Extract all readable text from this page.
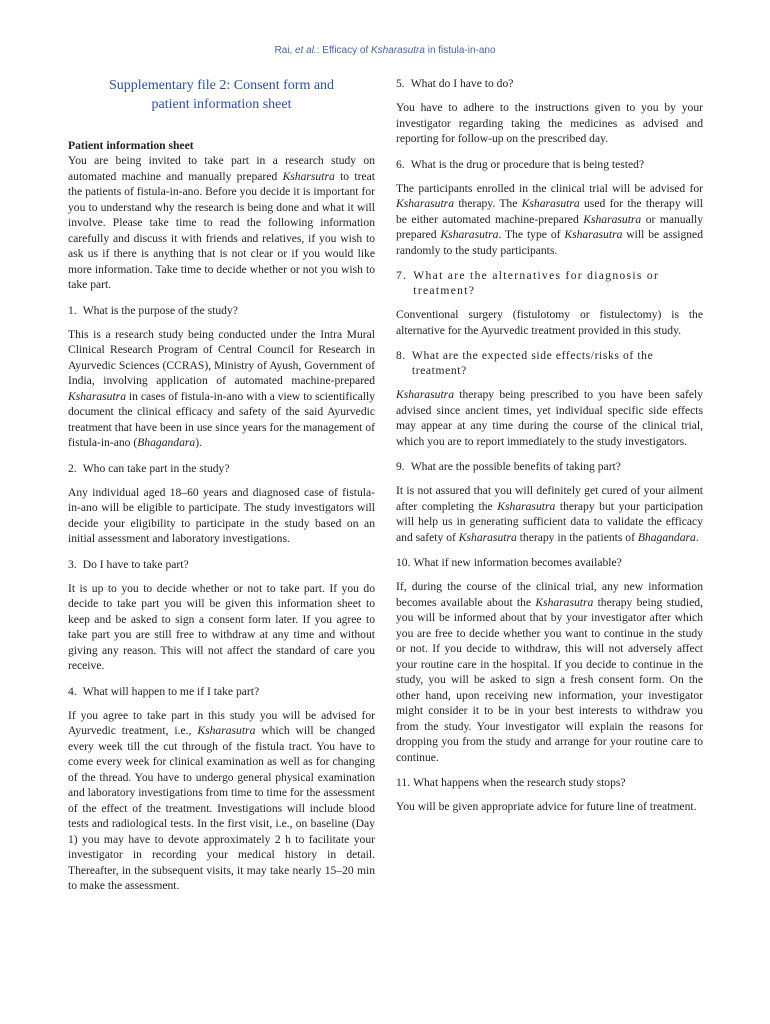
Rai, et al.: Efficacy of Ksharasutra in fistula-in-ano
Supplementary file 2: Consent form and
patient information sheet
Patient information sheet

You are being invited to take part in a research study on automated machine and manually prepared Ksharsutra to treat the patients of fistula-in-ano. Before you decide it is important for you to understand why the research is being done and what it will involve. Please take time to read the following information carefully and discuss it with friends and relatives, if you wish to ask us if there is anything that is not clear or if you would like more information. Take time to decide whether or not you wish to take part.

1. What is the purpose of the study?

This is a research study being conducted under the Intra Mural Clinical Research Program of Central Council for Research in Ayurvedic Sciences (CCRAS), Ministry of Ayush, Government of India, involving application of automated machine-prepared Ksharasutra in cases of fistula-in-ano with a view to scientifically document the clinical efficacy and safety of the said Ayurvedic treatment that have been in use since years for the management of fistula-in-ano (Bhagandara).

2. Who can take part in the study?

Any individual aged 18–60 years and diagnosed case of fistula-in-ano will be eligible to participate. The study investigators will decide your eligibility to participate in the study based on an initial assessment and laboratory investigations.

3. Do I have to take part?

It is up to you to decide whether or not to take part. If you do decide to take part you will be given this information sheet to keep and be asked to sign a consent form later. If you agree to take part you are still free to withdraw at any time and without giving any reason. This will not affect the standard of care you receive.

4. What will happen to me if I take part?

If you agree to take part in this study you will be advised for Ayurvedic treatment, i.e., Ksharasutra which will be changed every week till the cut through of the fistula tract. You have to come every week for clinical examination as well as for changing of the thread. You have to undergo general physical examination and laboratory investigations from time to time for the assessment of the effect of the treatment. Investigations will include blood tests and radiological tests. In the first visit, i.e., on baseline (Day 1) you may have to devote approximately 2 h to facilitate your investigator in recording your medical history in detail. Thereafter, in the subsequent visits, it may take nearly 15–20 min to make the assessment.

5. What do I have to do?

You have to adhere to the instructions given to you by your investigator regarding taking the medicines as advised and reporting for follow-up on the prescribed day.

6. What is the drug or procedure that is being tested?

The participants enrolled in the clinical trial will be advised for Ksharasutra therapy. The Ksharasutra used for the therapy will be either automated machine-prepared Ksharasutra or manually prepared Ksharasutra. The type of Ksharasutra will be assigned randomly to the study participants.

7. What are the alternatives for diagnosis or treatment?

Conventional surgery (fistulotomy or fistulectomy) is the alternative for the Ayurvedic treatment provided in this study.

8. What are the expected side effects/risks of the treatment?

Ksharasutra therapy being prescribed to you have been safely advised since ancient times, yet individual specific side effects may appear at any time during the course of the clinical trial, which you are to report immediately to the study investigators.

9. What are the possible benefits of taking part?

It is not assured that you will definitely get cured of your ailment after completing the Ksharasutra therapy but your participation will help us in generating sufficient data to validate the efficacy and safety of Ksharasutra therapy in the patients of Bhagandara.

10. What if new information becomes available?

If, during the course of the clinical trial, any new information becomes available about the Ksharasutra therapy being studied, you will be informed about that by your investigator after which you are free to decide whether you want to continue in the study or not. If you decide to withdraw, this will not adversely affect your routine care in the hospital. If you decide to continue in the study, you will be asked to sign a fresh consent form. On the other hand, upon receiving new information, your investigator might consider it to be in your best interests to withdraw you from the study. Your investigator will explain the reasons for dropping you from the study and arrange for your routine care to continue.

11. What happens when the research study stops?

You will be given appropriate advice for future line of treatment.
